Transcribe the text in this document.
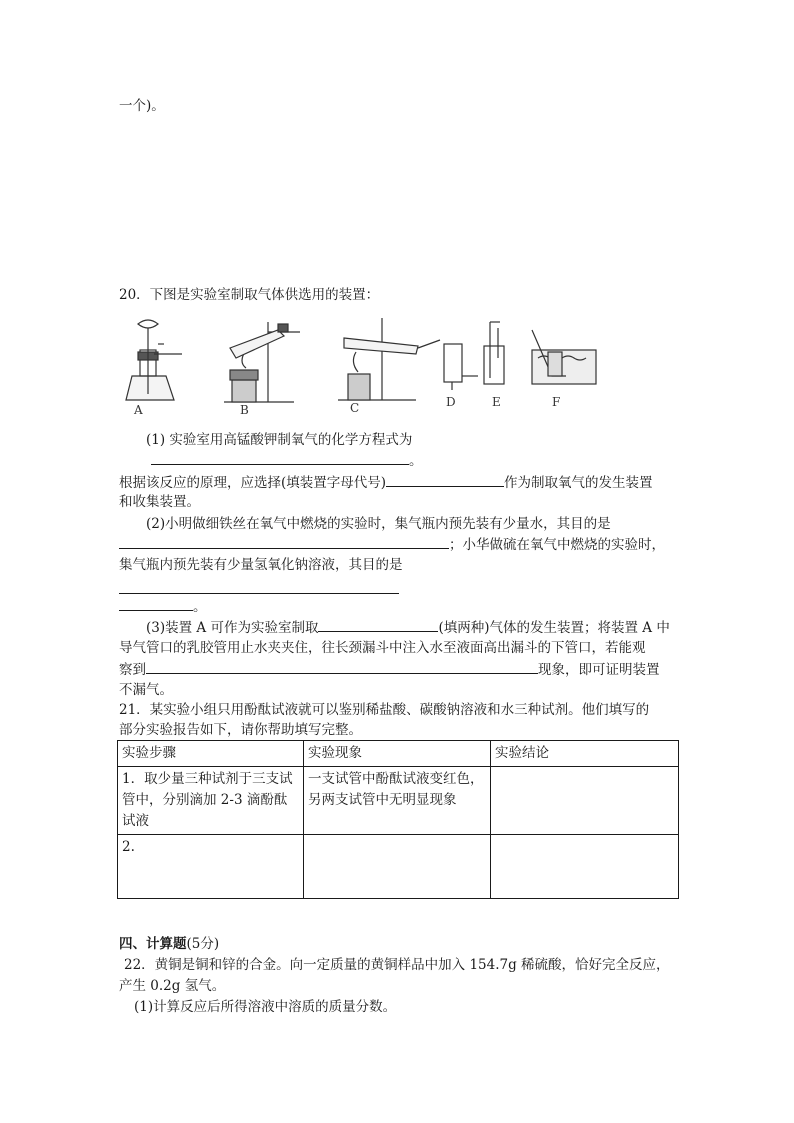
一个)。
20．下图是实验室制取气体供选用的装置：
A	B	C	D	E	F
(1) 实验室用高锰酸钾制氧气的化学方程式为
。
根据该反应的原理，应选择(填装置字母代号)	作为制取氧气的发生装置
和收集装置。
(2)小明做细铁丝在氧气中燃烧的实验时，集气瓶内预先装有少量水，其目的是
；小华做硫在氧气中燃烧的实验时，
集气瓶内预先装有少量氢氧化钠溶液，其目的是
。
(3)装置 A 可作为实验室制取	(填两种)气体的发生装置；将装置 A 中
导气管口的乳胶管用止水夹夹住，往长颈漏斗中注入水至液面高出漏斗的下管口，若能观
察到	现象，即可证明装置
不漏气。
21．某实验小组只用酚酞试液就可以鉴别稀盐酸、碳酸钠溶液和水三种试剂。他们填写的
部分实验报告如下，请你帮助填写完整。
实验步骤	实验现象	实验结论
1．取少量三种试剂于三支试管中，分别滴加 2-3 滴酚酞试液	一支试管中酚酞试液变红色，另两支试管中无明显现象	
2.		
四、计算题(5分)
22．黄铜是铜和锌的合金。向一定质量的黄铜样品中加入 154.7g 稀硫酸，恰好完全反应，
产生 0.2g 氢气。
(1)计算反应后所得溶液中溶质的质量分数。
